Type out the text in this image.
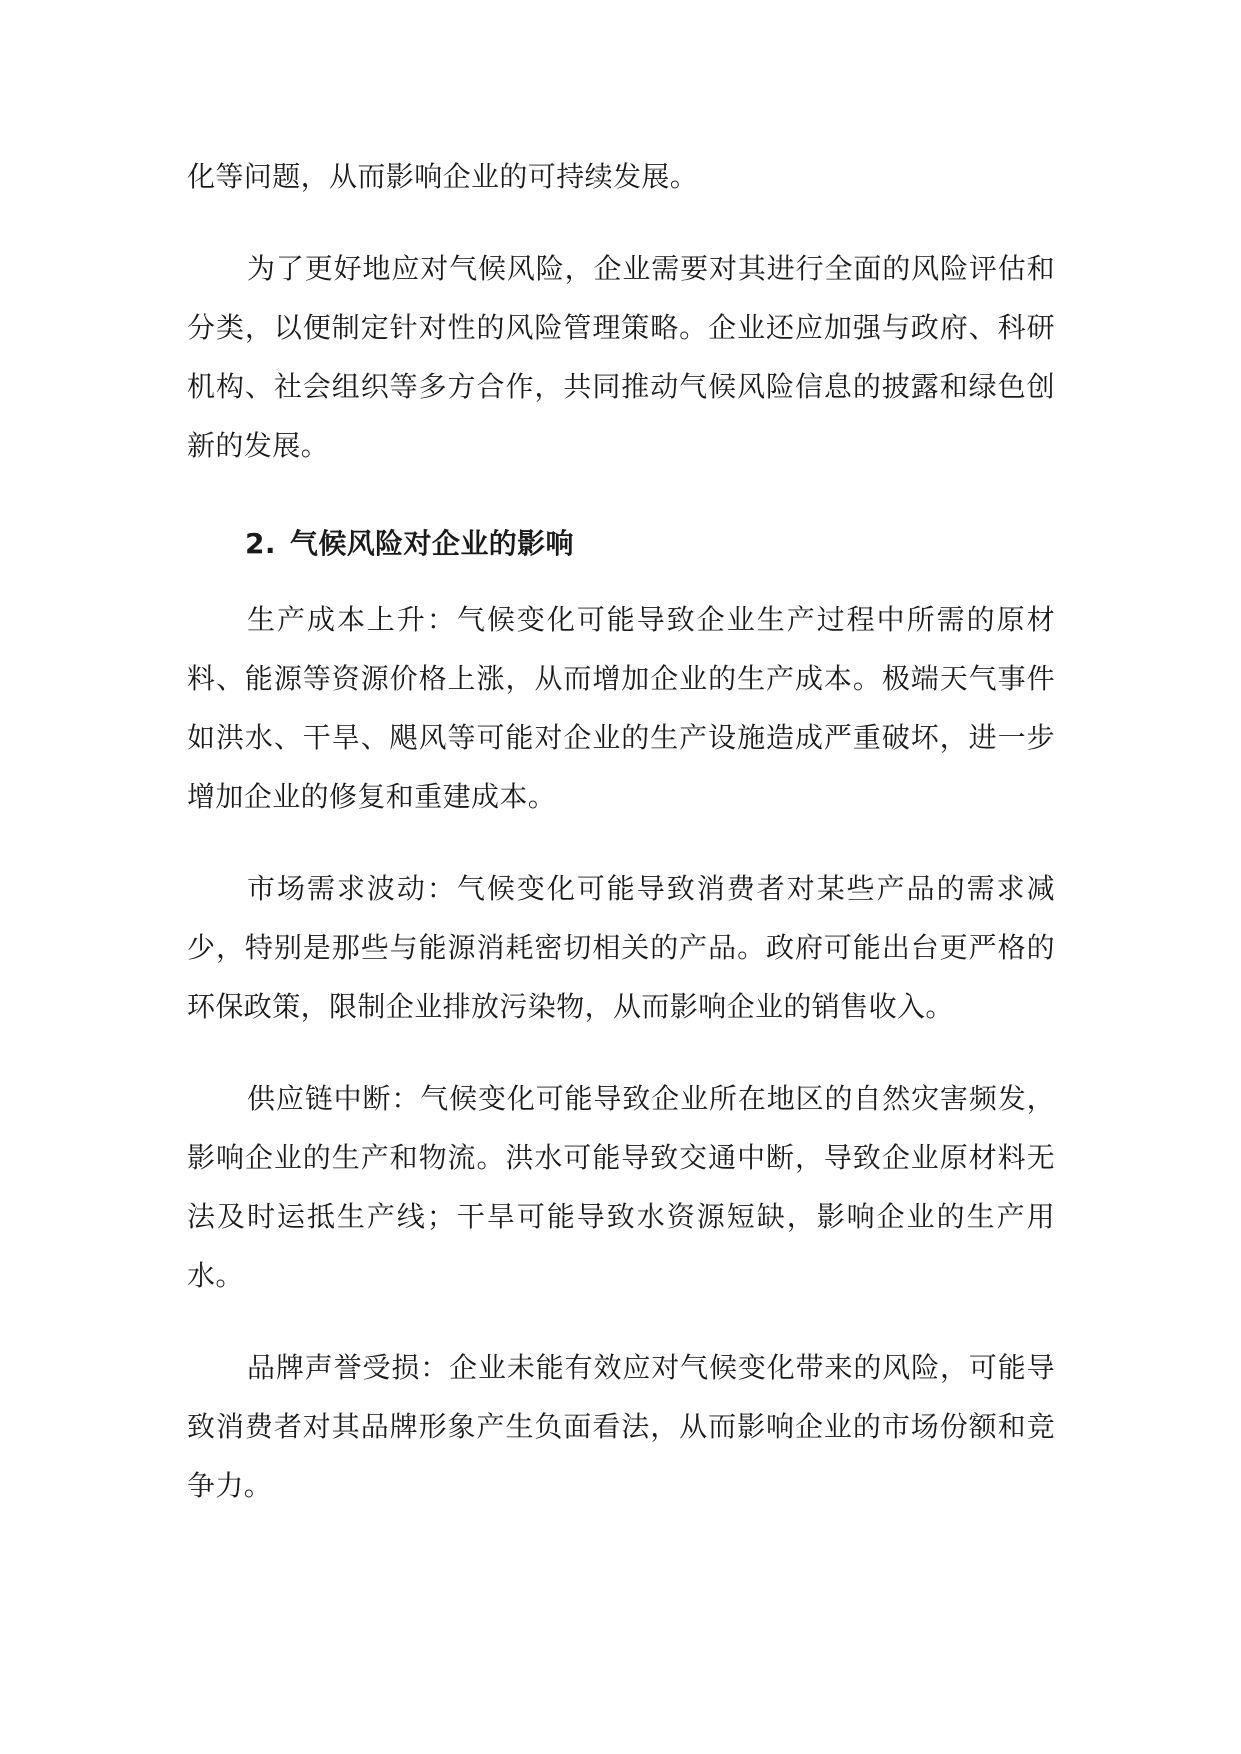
化等问题，从而影响企业的可持续发展。

为了更好地应对气候风险，企业需要对其进行全面的风险评估和分类，以便制定针对性的风险管理策略。企业还应加强与政府、科研机构、社会组织等多方合作，共同推动气候风险信息的披露和绿色创新的发展。

2. 气候风险对企业的影响

生产成本上升：气候变化可能导致企业生产过程中所需的原材料、能源等资源价格上涨，从而增加企业的生产成本。极端天气事件如洪水、干旱、飓风等可能对企业的生产设施造成严重破坏，进一步增加企业的修复和重建成本。

市场需求波动：气候变化可能导致消费者对某些产品的需求减少，特别是那些与能源消耗密切相关的产品。政府可能出台更严格的环保政策，限制企业排放污染物，从而影响企业的销售收入。

供应链中断：气候变化可能导致企业所在地区的自然灾害频发，影响企业的生产和物流。洪水可能导致交通中断，导致企业原材料无法及时运抵生产线；干旱可能导致水资源短缺，影响企业的生产用水。

品牌声誉受损：企业未能有效应对气候变化带来的风险，可能导致消费者对其品牌形象产生负面看法，从而影响企业的市场份额和竞争力。
